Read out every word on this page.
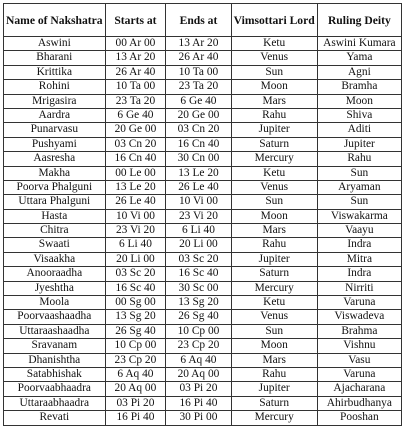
Name of Nakshatra	Starts at	Ends at	Vimsottari Lord	Ruling Deity
Aswini	00 Ar 00	13 Ar 20	Ketu	Aswini Kumara
Bharani	13 Ar 20	26 Ar 40	Venus	Yama
Krittika	26 Ar 40	10 Ta 00	Sun	Agni
Rohini	10 Ta 00	23 Ta 20	Moon	Bramha
Mrigasira	23 Ta 20	6 Ge 40	Mars	Moon
Aardra	6 Ge 40	20 Ge 00	Rahu	Shiva
Punarvasu	20 Ge 00	03 Cn 20	Jupiter	Aditi
Pushyami	03 Cn 20	16 Cn 40	Saturn	Jupiter
Aasresha	16 Cn 40	30 Cn 00	Mercury	Rahu
Makha	00 Le 00	13 Le 20	Ketu	Sun
Poorva Phalguni	13 Le 20	26 Le 40	Venus	Aryaman
Uttara Phalguni	26 Le 40	10 Vi 00	Sun	Sun
Hasta	10 Vi 00	23 Vi 20	Moon	Viswakarma
Chitra	23 Vi 20	6 Li 40	Mars	Vaayu
Swaati	6 Li 40	20 Li 00	Rahu	Indra
Visaakha	20 Li 00	03 Sc 20	Jupiter	Mitra
Anooraadha	03 Sc 20	16 Sc 40	Saturn	Indra
Jyeshtha	16 Sc 40	30 Sc 00	Mercury	Nirriti
Moola	00 Sg 00	13 Sg 20	Ketu	Varuna
Poorvaashaadha	13 Sg 20	26 Sg 40	Venus	Viswadeva
Uttaraashaadha	26 Sg 40	10 Cp 00	Sun	Brahma
Sravanam	10 Cp 00	23 Cp 20	Moon	Vishnu
Dhanishtha	23 Cp 20	6 Aq 40	Mars	Vasu
Satabhishak	6 Aq 40	20 Aq 00	Rahu	Varuna
Poorvaabhaadra	20 Aq 00	03 Pi 20	Jupiter	Ajacharana
Uttaraabhaadra	03 Pi 20	16 Pi 40	Saturn	Ahirbudhanya
Revati	16 Pi 40	30 Pi 00	Mercury	Pooshan
